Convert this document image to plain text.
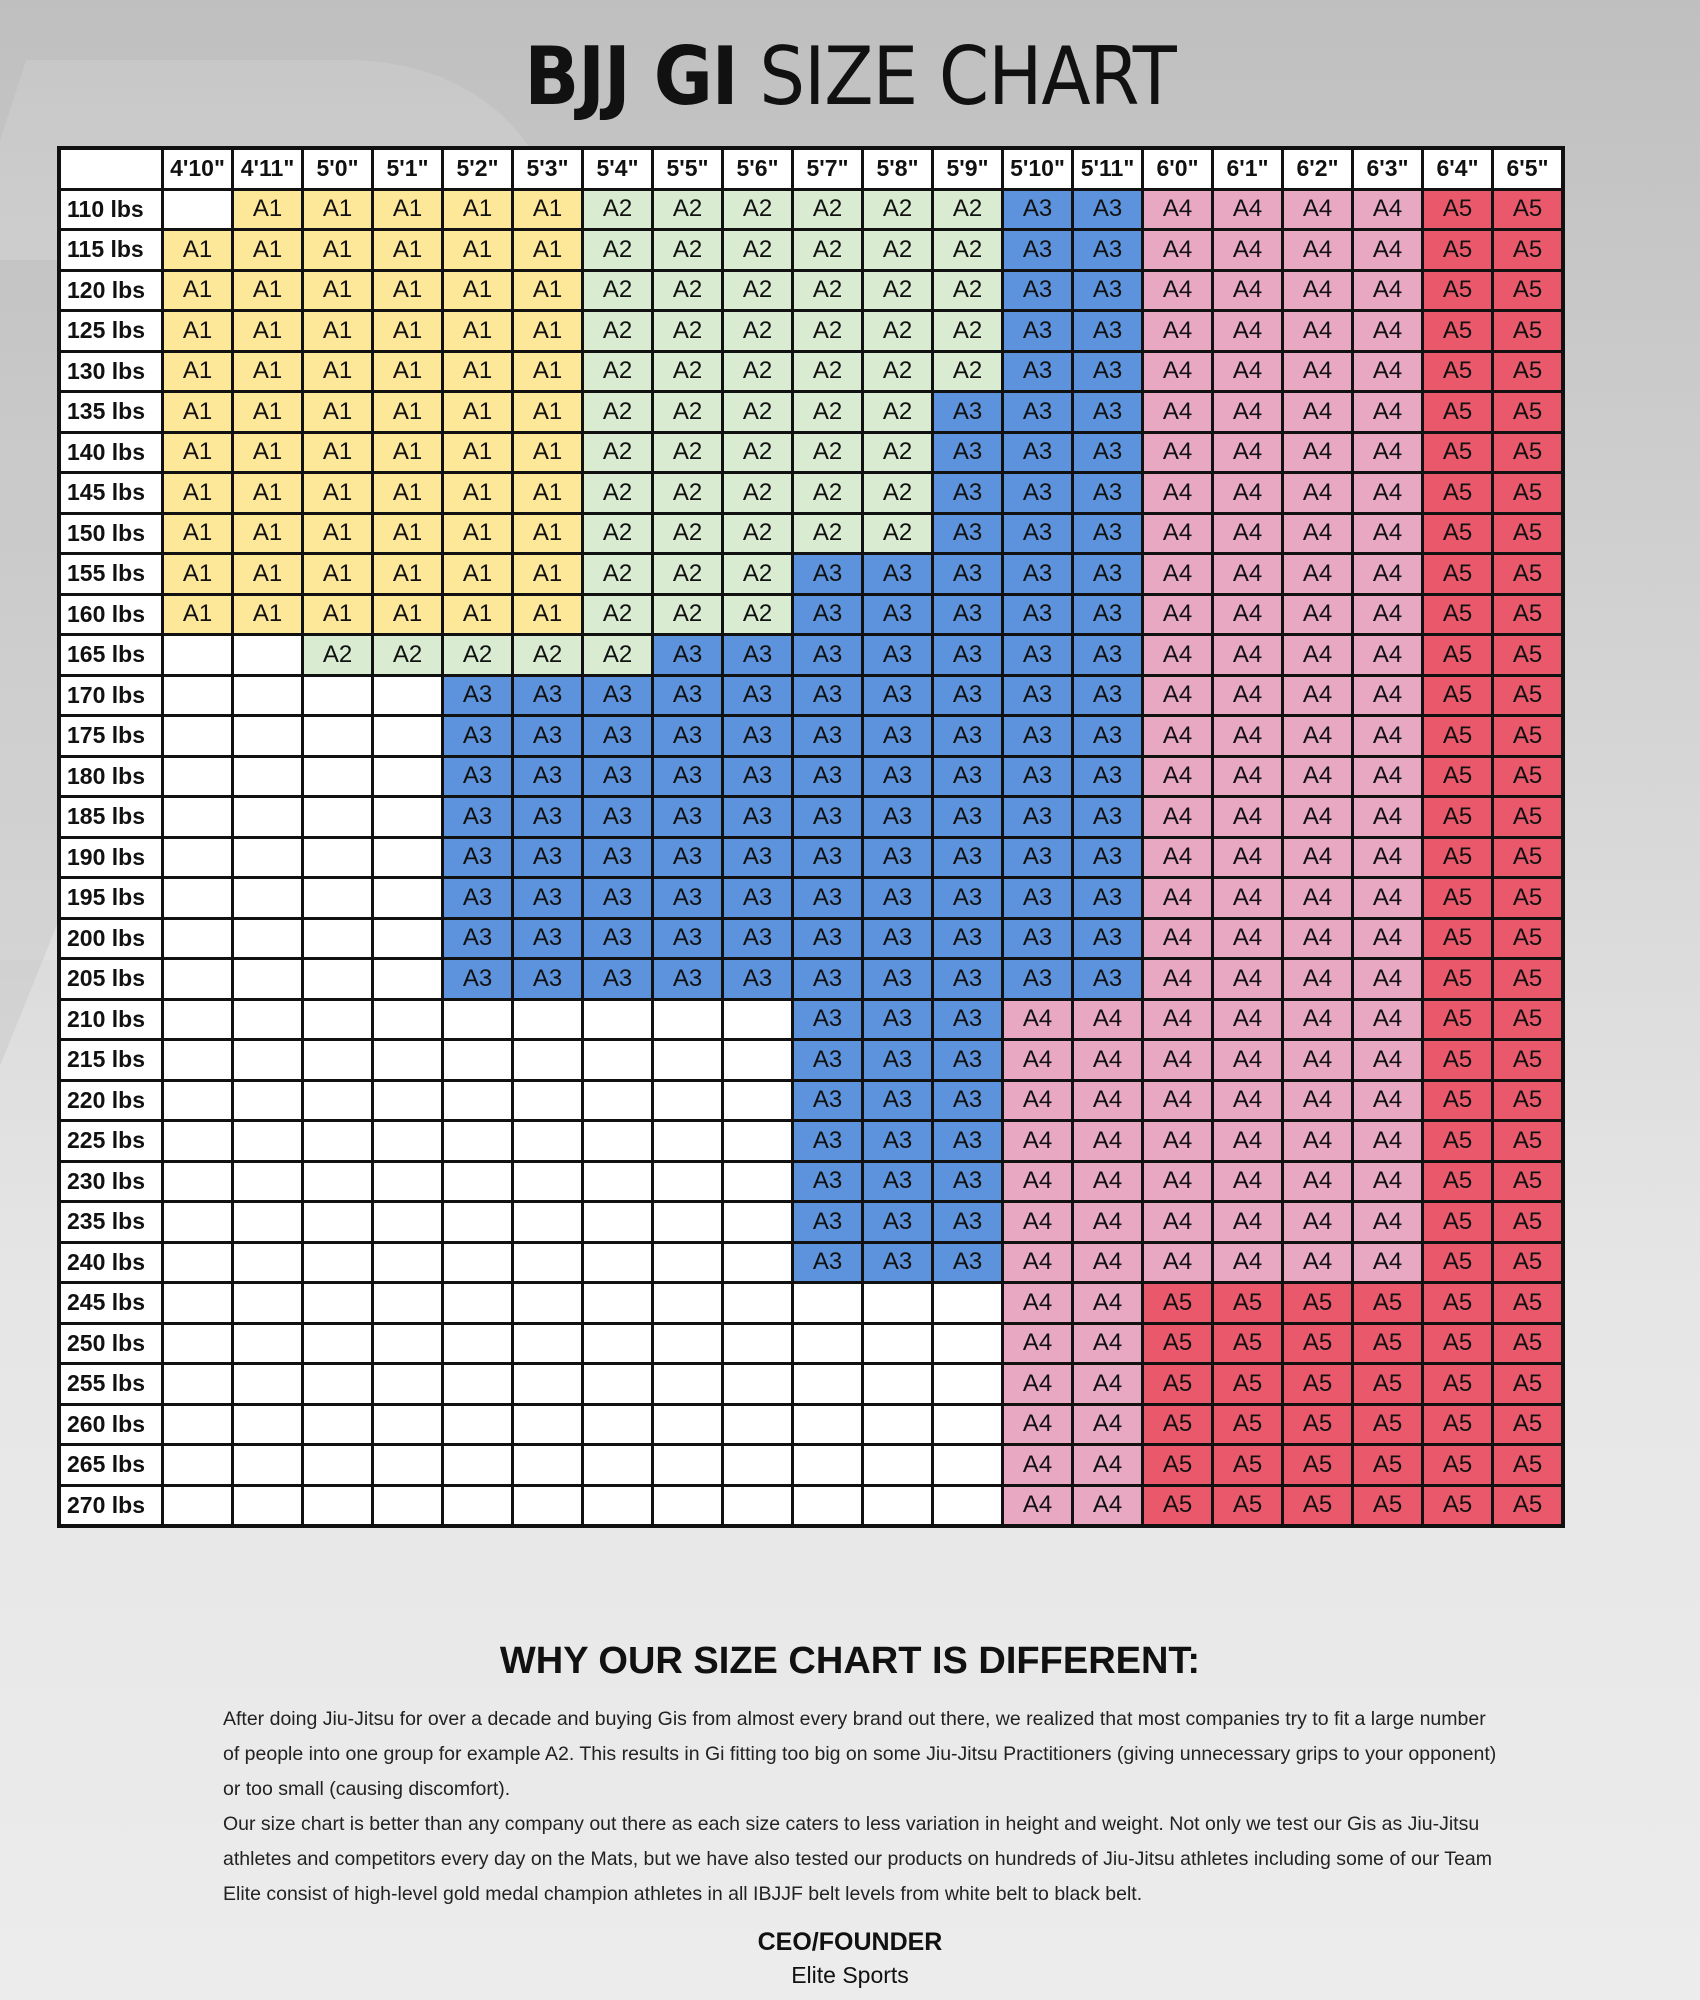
BJJ GI SIZE CHART
	4'10"	4'11"	5'0"	5'1"	5'2"	5'3"	5'4"	5'5"	5'6"	5'7"	5'8"	5'9"	5'10"	5'11"	6'0"	6'1"	6'2"	6'3"	6'4"	6'5"
110 lbs		A1	A1	A1	A1	A1	A2	A2	A2	A2	A2	A2	A3	A3	A4	A4	A4	A4	A5	A5
115 lbs	A1	A1	A1	A1	A1	A1	A2	A2	A2	A2	A2	A2	A3	A3	A4	A4	A4	A4	A5	A5
120 lbs	A1	A1	A1	A1	A1	A1	A2	A2	A2	A2	A2	A2	A3	A3	A4	A4	A4	A4	A5	A5
125 lbs	A1	A1	A1	A1	A1	A1	A2	A2	A2	A2	A2	A2	A3	A3	A4	A4	A4	A4	A5	A5
130 lbs	A1	A1	A1	A1	A1	A1	A2	A2	A2	A2	A2	A2	A3	A3	A4	A4	A4	A4	A5	A5
135 lbs	A1	A1	A1	A1	A1	A1	A2	A2	A2	A2	A2	A3	A3	A3	A4	A4	A4	A4	A5	A5
140 lbs	A1	A1	A1	A1	A1	A1	A2	A2	A2	A2	A2	A3	A3	A3	A4	A4	A4	A4	A5	A5
145 lbs	A1	A1	A1	A1	A1	A1	A2	A2	A2	A2	A2	A3	A3	A3	A4	A4	A4	A4	A5	A5
150 lbs	A1	A1	A1	A1	A1	A1	A2	A2	A2	A2	A2	A3	A3	A3	A4	A4	A4	A4	A5	A5
155 lbs	A1	A1	A1	A1	A1	A1	A2	A2	A2	A3	A3	A3	A3	A3	A4	A4	A4	A4	A5	A5
160 lbs	A1	A1	A1	A1	A1	A1	A2	A2	A2	A3	A3	A3	A3	A3	A4	A4	A4	A4	A5	A5
165 lbs			A2	A2	A2	A2	A2	A3	A3	A3	A3	A3	A3	A3	A4	A4	A4	A4	A5	A5
170 lbs					A3	A3	A3	A3	A3	A3	A3	A3	A3	A3	A4	A4	A4	A4	A5	A5
175 lbs					A3	A3	A3	A3	A3	A3	A3	A3	A3	A3	A4	A4	A4	A4	A5	A5
180 lbs					A3	A3	A3	A3	A3	A3	A3	A3	A3	A3	A4	A4	A4	A4	A5	A5
185 lbs					A3	A3	A3	A3	A3	A3	A3	A3	A3	A3	A4	A4	A4	A4	A5	A5
190 lbs					A3	A3	A3	A3	A3	A3	A3	A3	A3	A3	A4	A4	A4	A4	A5	A5
195 lbs					A3	A3	A3	A3	A3	A3	A3	A3	A3	A3	A4	A4	A4	A4	A5	A5
200 lbs					A3	A3	A3	A3	A3	A3	A3	A3	A3	A3	A4	A4	A4	A4	A5	A5
205 lbs					A3	A3	A3	A3	A3	A3	A3	A3	A3	A3	A4	A4	A4	A4	A5	A5
210 lbs										A3	A3	A3	A4	A4	A4	A4	A4	A4	A5	A5
215 lbs										A3	A3	A3	A4	A4	A4	A4	A4	A4	A5	A5
220 lbs										A3	A3	A3	A4	A4	A4	A4	A4	A4	A5	A5
225 lbs										A3	A3	A3	A4	A4	A4	A4	A4	A4	A5	A5
230 lbs										A3	A3	A3	A4	A4	A4	A4	A4	A4	A5	A5
235 lbs										A3	A3	A3	A4	A4	A4	A4	A4	A4	A5	A5
240 lbs										A3	A3	A3	A4	A4	A4	A4	A4	A4	A5	A5
245 lbs													A4	A4	A5	A5	A5	A5	A5	A5
250 lbs													A4	A4	A5	A5	A5	A5	A5	A5
255 lbs													A4	A4	A5	A5	A5	A5	A5	A5
260 lbs													A4	A4	A5	A5	A5	A5	A5	A5
265 lbs													A4	A4	A5	A5	A5	A5	A5	A5
270 lbs													A4	A4	A5	A5	A5	A5	A5	A5
WHY OUR SIZE CHART IS DIFFERENT:

After doing Jiu-Jitsu for over a decade and buying Gis from almost every brand out there, we realized that most companies try to fit a large number of people into one group for example A2. This results in Gi fitting too big on some Jiu-Jitsu Practitioners (giving unnecessary grips to your opponent) or too small (causing discomfort).

Our size chart is better than any company out there as each size caters to less variation in height and weight. Not only we test our Gis as Jiu-Jitsu athletes and competitors every day on the Mats, but we have also tested our products on hundreds of Jiu-Jitsu athletes including some of our Team Elite consist of high-level gold medal champion athletes in all IBJJF belt levels from white belt to black belt.

CEO/FOUNDER
Elite Sports
